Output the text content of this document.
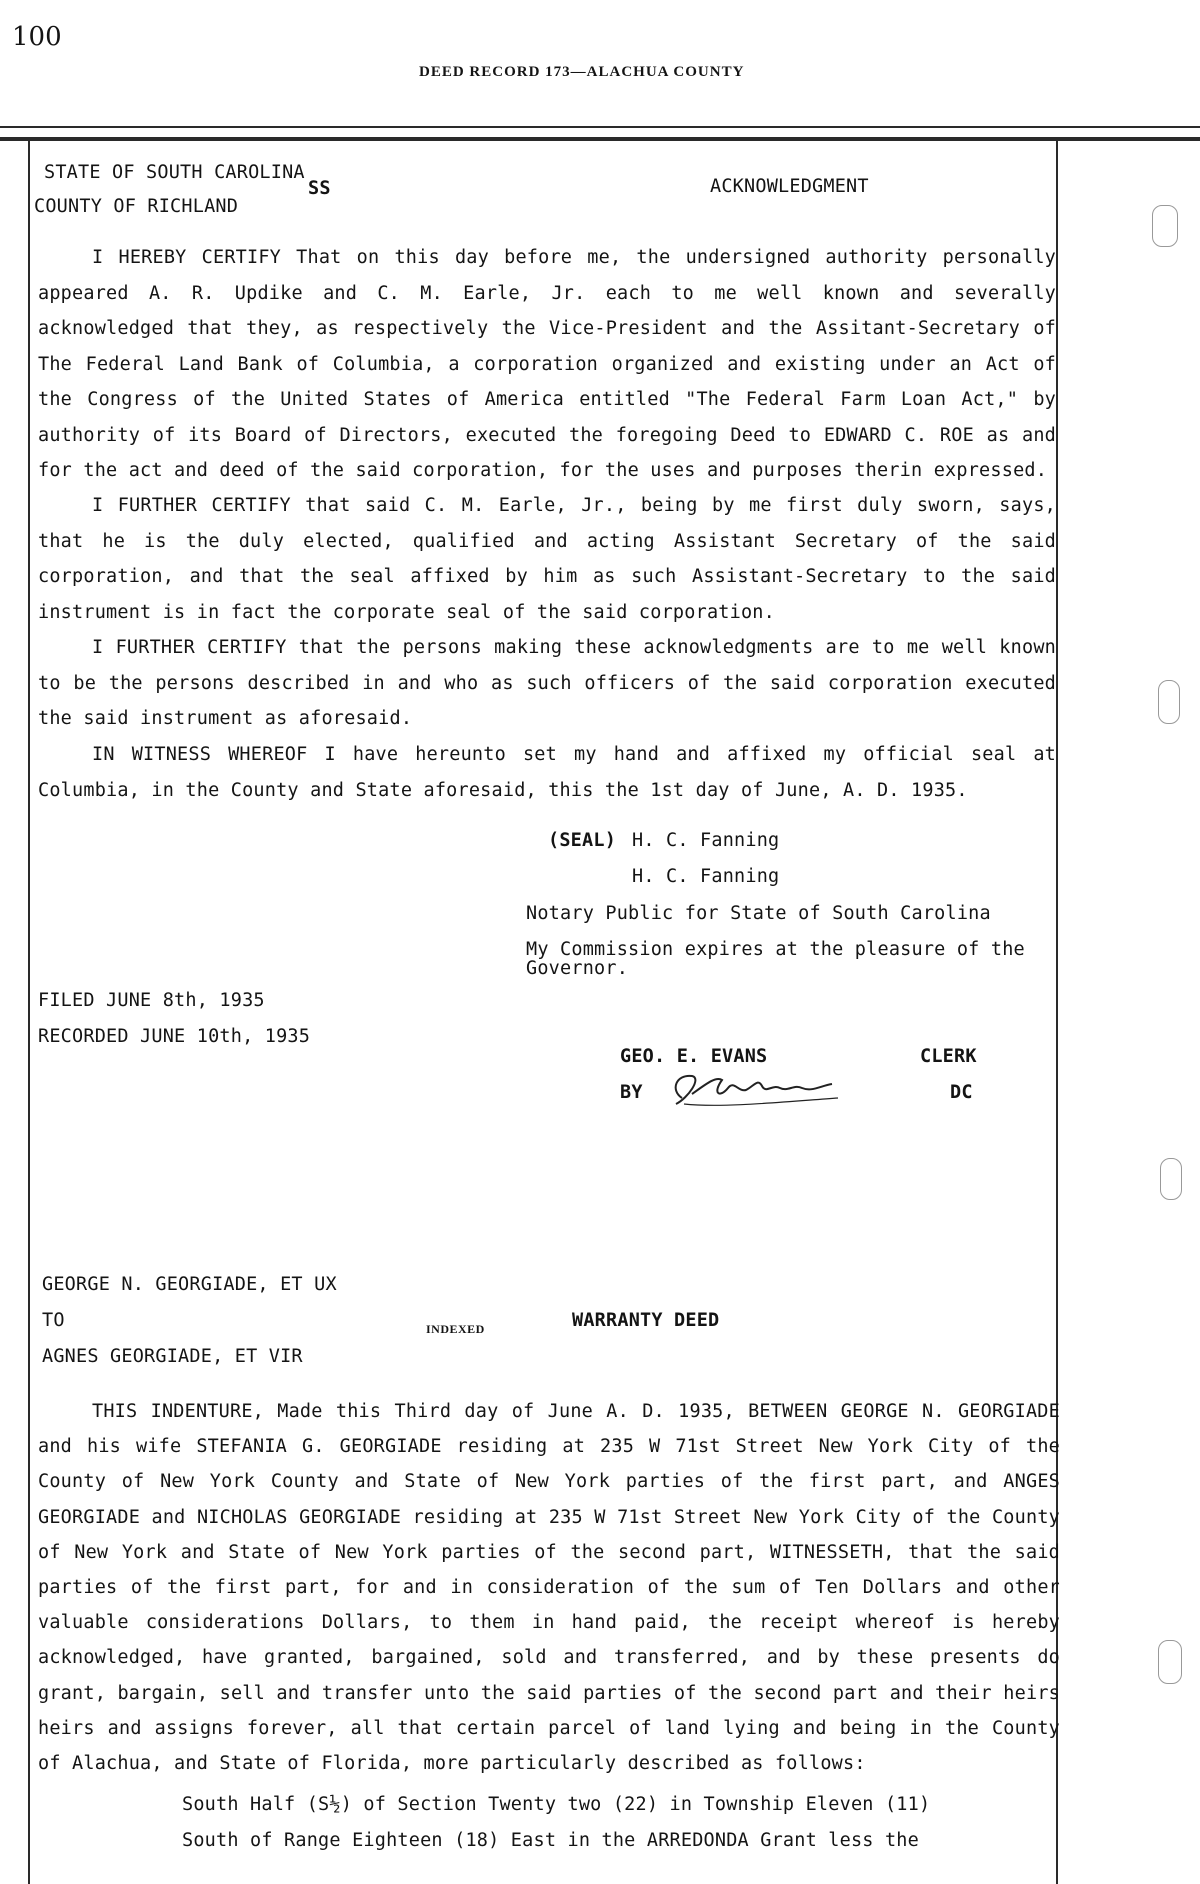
100
DEED RECORD 173—ALACHUA COUNTY
STATE OF SOUTH CAROLINA
COUNTY OF RICHLAND
SS	ACKNOWLEDGMENT
I HEREBY CERTIFY That on this day before me, the undersigned authority personally appeared A. R. Updike and C. M. Earle, Jr. each to me well known and severally acknowledged that they, as respectively the Vice-President and the Assitant-Secretary of The Federal Land Bank of Columbia, a corporation organized and existing under an Act of the Congress of the United States of America entitled "The Federal Farm Loan Act," by authority of its Board of Directors, executed the foregoing Deed to EDWARD C. ROE as and for the act and deed of the said corporation, for the uses and purposes therin expressed.
I FURTHER CERTIFY that said C. M. Earle, Jr., being by me first duly sworn, says, that he is the duly elected, qualified and acting Assistant Secretary of the said corporation, and that the seal affixed by him as such Assistant-Secretary to the said instrument is in fact the corporate seal of the said corporation.
I FURTHER CERTIFY that the persons making these acknowledgments are to me well known to be the persons described in and who as such officers of the said corporation executed the said instrument as aforesaid.
IN WITNESS WHEREOF I have hereunto set my hand and affixed my official seal at Columbia, in the County and State aforesaid, this the 1st day of June, A. D. 1935.
(SEAL) H. C. Fanning
H. C. Fanning
Notary Public for State of South Carolina
My Commission expires at the pleasure of the
Governor.
FILED JUNE 8th, 1935
RECORDED JUNE 10th, 1935
GEO. E. EVANS	CLERK
BY	DC
GEORGE N. GEORGIADE, ET UX
TO
AGNES GEORGIADE, ET VIR
INDEXED	WARRANTY DEED
THIS INDENTURE, Made this Third day of June A. D. 1935, BETWEEN GEORGE N. GEORGIADE and his wife STEFANIA G. GEORGIADE residing at 235 W 71st Street New York City of the County of New York County and State of New York parties of the first part, and ANGES GEORGIADE and NICHOLAS GEORGIADE residing at 235 W 71st Street New York City of the County of New York and State of New York parties of the second part, WITNESSETH, that the said parties of the first part, for and in consideration of the sum of Ten Dollars and other valuable considerations Dollars, to them in hand paid, the receipt whereof is hereby acknowledged, have granted, bargained, sold and transferred, and by these presents do grant, bargain, sell and transfer unto the said parties of the second part and their heirs heirs and assigns forever, all that certain parcel of land lying and being in the County of Alachua, and State of Florida, more particularly described as follows:
South Half (S½) of Section Twenty two (22) in Township Eleven (11)
South of Range Eighteen (18) East in the ARREDONDA Grant less the
